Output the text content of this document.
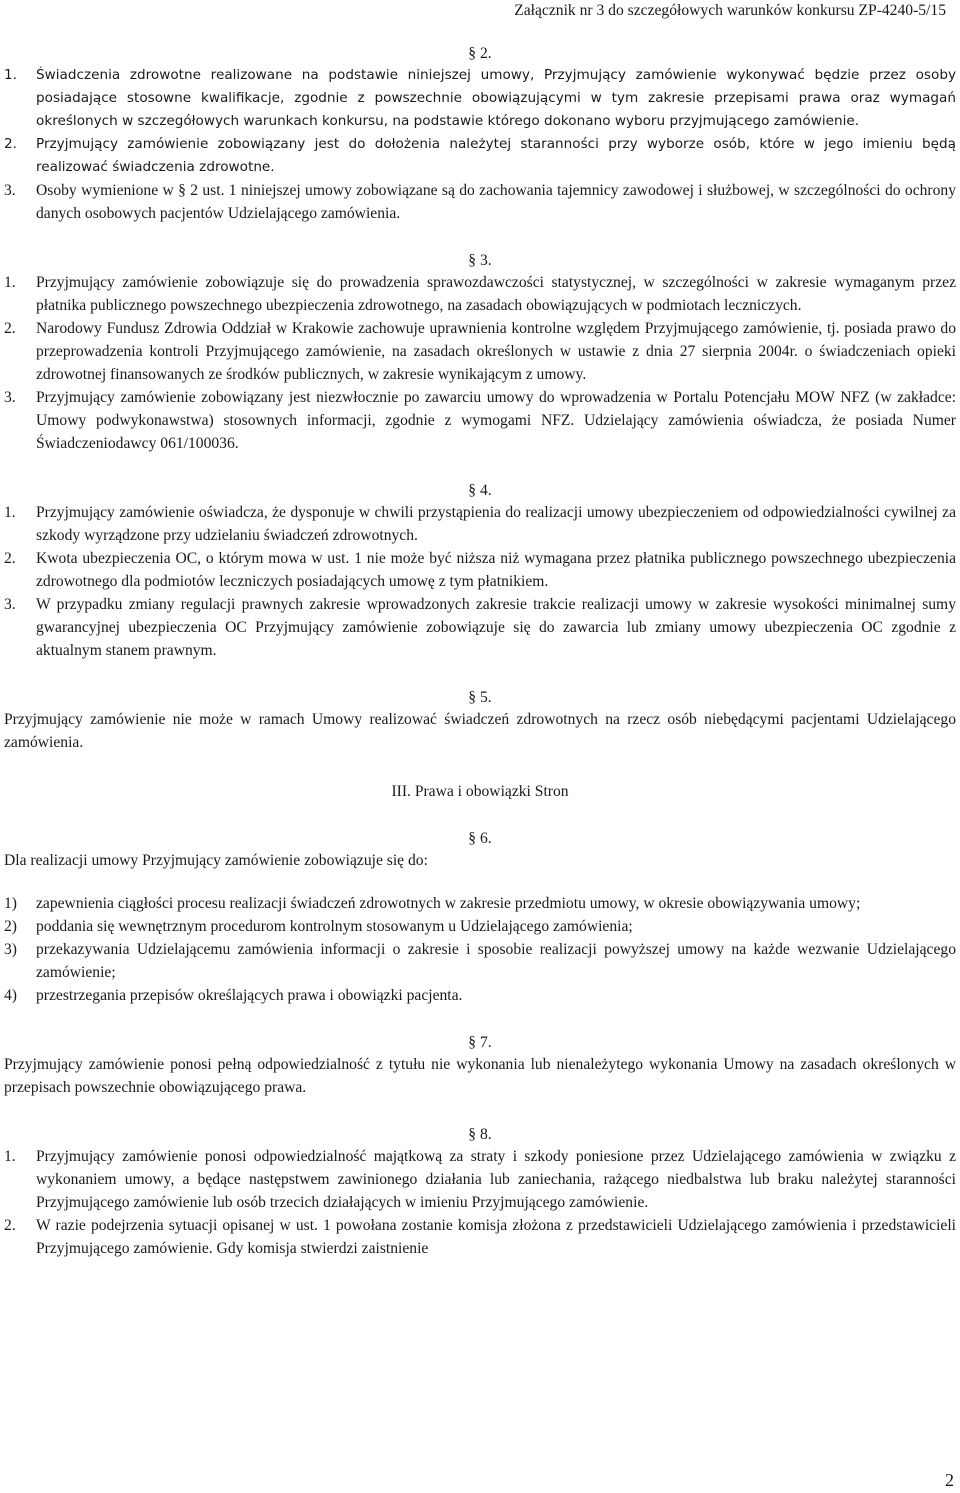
Załącznik nr 3 do szczegółowych warunków konkursu ZP-4240-5/15
§ 2.
1.	Świadczenia zdrowotne realizowane na podstawie niniejszej umowy, Przyjmujący zamówienie wykonywać będzie przez osoby posiadające stosowne kwalifikacje, zgodnie z powszechnie obowiązującymi w tym zakresie przepisami prawa oraz wymagań określonych w szczegółowych warunkach konkursu, na podstawie którego dokonano wyboru przyjmującego zamówienie.
2.	Przyjmujący zamówienie zobowiązany jest do dołożenia należytej staranności przy wyborze osób, które w jego imieniu będą realizować świadczenia zdrowotne.
3.	Osoby wymienione w § 2 ust. 1 niniejszej umowy zobowiązane są do zachowania tajemnicy zawodowej i służbowej, w szczególności do ochrony danych osobowych pacjentów Udzielającego zamówienia.
§ 3.
1.	Przyjmujący zamówienie zobowiązuje się do prowadzenia sprawozdawczości statystycznej, w szczególności w zakresie wymaganym przez płatnika publicznego powszechnego ubezpieczenia zdrowotnego, na zasadach obowiązujących w podmiotach leczniczych.
2.	Narodowy Fundusz Zdrowia Oddział w Krakowie zachowuje uprawnienia kontrolne względem Przyjmującego zamówienie, tj. posiada prawo do przeprowadzenia kontroli Przyjmującego zamówienie, na zasadach określonych w ustawie z dnia 27 sierpnia 2004r. o świadczeniach opieki zdrowotnej finansowanych ze środków publicznych, w zakresie wynikającym z umowy.
3.	Przyjmujący zamówienie zobowiązany jest niezwłocznie po zawarciu umowy do wprowadzenia w Portalu Potencjału MOW NFZ (w zakładce: Umowy podwykonawstwa) stosownych informacji, zgodnie z wymogami NFZ. Udzielający zamówienia oświadcza, że posiada Numer Świadczeniodawcy 061/100036.
§ 4.
1.	Przyjmujący zamówienie oświadcza, że dysponuje w chwili przystąpienia do realizacji umowy ubezpieczeniem od odpowiedzialności cywilnej za szkody wyrządzone przy udzielaniu świadczeń zdrowotnych.
2.	Kwota ubezpieczenia OC, o którym mowa w ust. 1 nie może być niższa niż wymagana przez płatnika publicznego powszechnego ubezpieczenia zdrowotnego dla podmiotów leczniczych posiadających umowę z tym płatnikiem.
3.	W przypadku zmiany regulacji prawnych zakresie wprowadzonych zakresie trakcie realizacji umowy w zakresie wysokości minimalnej sumy gwarancyjnej ubezpieczenia OC Przyjmujący zamówienie zobowiązuje się do zawarcia lub zmiany umowy ubezpieczenia OC zgodnie z aktualnym stanem prawnym.
§ 5.
Przyjmujący zamówienie nie może w ramach Umowy realizować świadczeń zdrowotnych na rzecz osób niebędącymi pacjentami Udzielającego zamówienia.
III. Prawa i obowiązki Stron
§ 6.
Dla realizacji umowy Przyjmujący zamówienie zobowiązuje się do:
1)	zapewnienia ciągłości procesu realizacji świadczeń zdrowotnych w zakresie przedmiotu umowy, w okresie obowiązywania umowy;
2)	poddania się wewnętrznym procedurom kontrolnym stosowanym u Udzielającego zamówienia;
3)	przekazywania Udzielającemu zamówienia informacji o zakresie i sposobie realizacji powyższej umowy na każde wezwanie Udzielającego zamówienie;
4)	przestrzegania przepisów określających prawa i obowiązki pacjenta.
§ 7.
Przyjmujący zamówienie ponosi pełną odpowiedzialność z tytułu nie wykonania lub nienależytego wykonania Umowy na zasadach określonych w przepisach powszechnie obowiązującego prawa.
§ 8.
1.	Przyjmujący zamówienie ponosi odpowiedzialność majątkową za straty i szkody poniesione przez Udzielającego zamówienia w związku z wykonaniem umowy, a będące następstwem zawinionego działania lub zaniechania, rażącego niedbalstwa lub braku należytej staranności Przyjmującego zamówienie lub osób trzecich działających w imieniu Przyjmującego zamówienie.
2.	W razie podejrzenia sytuacji opisanej w ust. 1 powołana zostanie komisja złożona z przedstawicieli Udzielającego zamówienia i przedstawicieli Przyjmującego zamówienie. Gdy komisja stwierdzi zaistnienie
2
